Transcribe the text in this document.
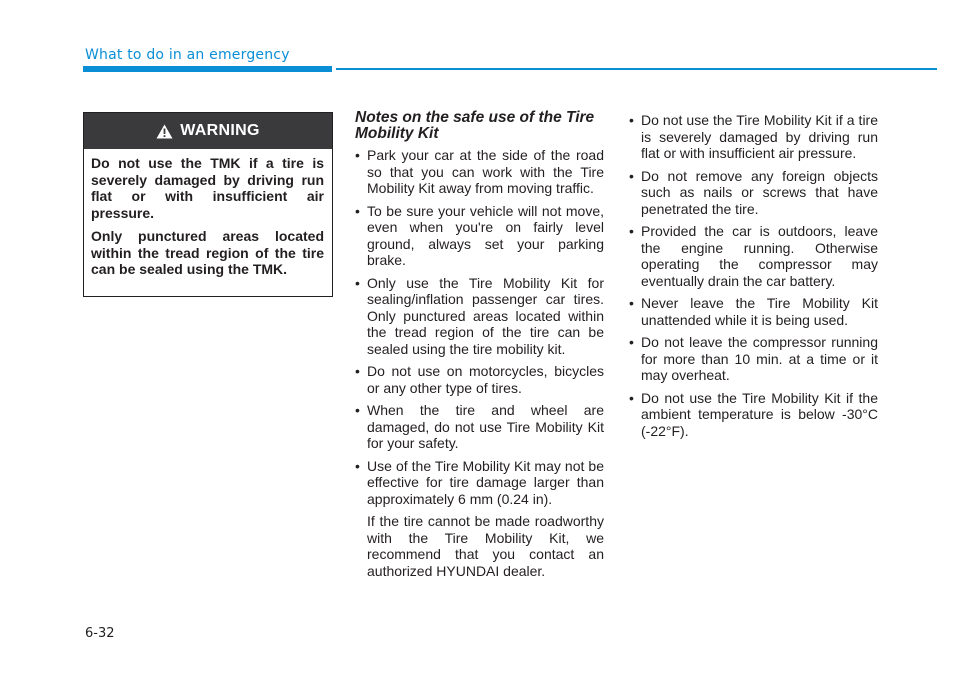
What to do in an emergency
WARNING

Do not use the TMK if a tire is severely damaged by driving run flat or with insufficient air pressure.

Only punctured areas located within the tread region of the tire can be sealed using the TMK.

Notes on the safe use of the Tire Mobility Kit
• Park your car at the side of the road so that you can work with the Tire Mobility Kit away from moving traffic.
• To be sure your vehicle will not move, even when you're on fairly level ground, always set your parking brake.
• Only use the Tire Mobility Kit for sealing/inflation passenger car tires. Only punctured areas located within the tread region of the tire can be sealed using the tire mobility kit.
• Do not use on motorcycles, bicycles or any other type of tires.
• When the tire and wheel are damaged, do not use Tire Mobility Kit for your safety.
• Use of the Tire Mobility Kit may not be effective for tire damage larger than approximately 6 mm (0.24 in).

If the tire cannot be made roadworthy with the Tire Mobility Kit, we recommend that you contact an authorized HYUNDAI dealer.

• Do not use the Tire Mobility Kit if a tire is severely damaged by driving run flat or with insufficient air pressure.
• Do not remove any foreign objects such as nails or screws that have penetrated the tire.
• Provided the car is outdoors, leave the engine running. Otherwise operating the compressor may eventually drain the car battery.
• Never leave the Tire Mobility Kit unattended while it is being used.
• Do not leave the compressor running for more than 10 min. at a time or it may overheat.
• Do not use the Tire Mobility Kit if the ambient temperature is below -30°C (-22°F).
6-32
